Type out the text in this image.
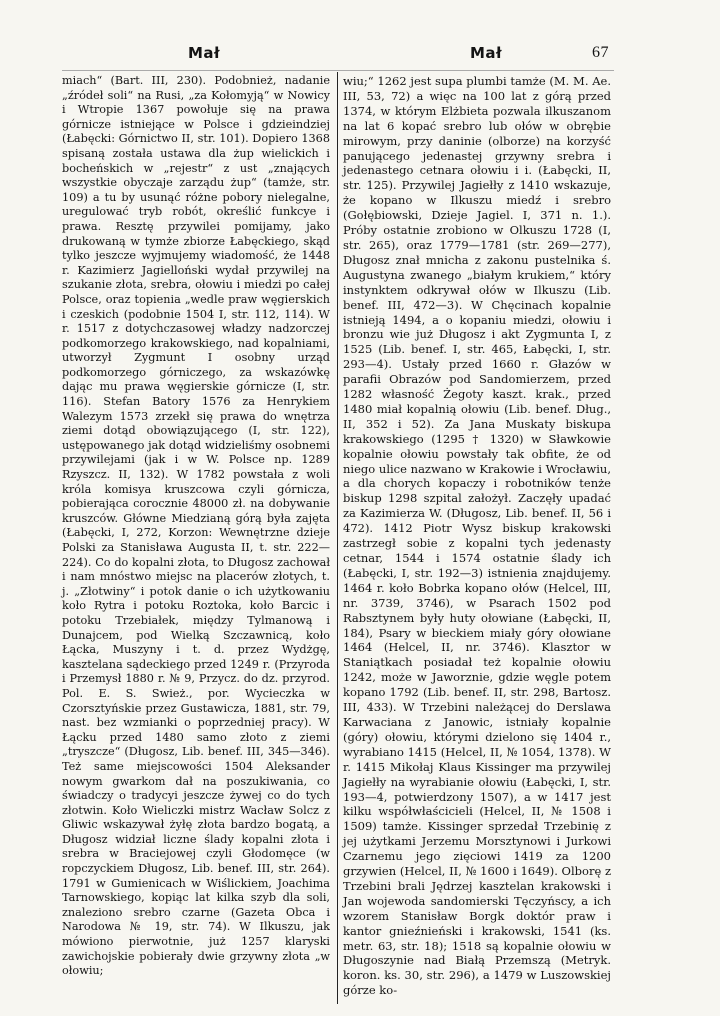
Mał	Mał	67
miach“ (Bart. III, 230). Podobnież, nadanie „źródeł soli“ na Rusi, „za Kołomyją“ w Nowicy i Wtropie 1367 powołuje się na prawa górnicze istniejące w Polsce i gdzieindziej (Łabęcki: Górnictwo II, str. 101). Dopiero 1368 spisaną została ustawa dla żup wielickich i bocheńskich w „rejestr“ z ust „znających wszystkie obyczaje zarządu żup“ (tamże, str. 109) a tu by usunąć różne pobory nielegalne, uregulować tryb robót, określić funkcye i prawa. Resztę przywilei pomijamy, jako drukowaną w tymże zbiorze Łabęckiego, skąd tylko jeszcze wyjmujemy wiadomość, że 1448 r. Kazimierz Jagielloński wydał przywilej na szukanie złota, srebra, ołowiu i miedzi po całej Polsce, oraz topienia „wedle praw węgierskich i czeskich (podobnie 1504 I, str. 112, 114). W r. 1517 z dotychczasowej władzy nadzorczej podkomorzego krakowskiego, nad kopalniami, utworzył Zygmunt I osobny urząd podkomorzego górniczego, za wskazówkę dając mu prawa węgierskie górnicze (I, str. 116). Stefan Batory 1576 za Henrykiem Walezym 1573 zrzekł się prawa do wnętrza ziemi dotąd obowiązującego (I, str. 122), ustępowanego jak dotąd widzieliśmy osobnemi przywilejami (jak i w W. Polsce np. 1289 Rzyszcz. II, 132). W 1782 powstała z woli króla komisya kruszcowa czyli górnicza, pobierająca corocznie 48000 zł. na dobywanie kruszców. Główne Miedzianą górą była zajęta (Łabęcki, I, 272, Korzon: Wewnętrzne dzieje Polski za Stanisława Augusta II, t. str. 222—224). Co do kopalni złota, to Długosz zachował i nam mnóstwo miejsc na placerów złotych, t. j. „Złotwiny“ i potok danie o ich użytkowaniu koło Rytra i potoku Roztoka, koło Barcic i potoku Trzebiałek, między Tylmanową i Dunajcem, pod Wielką Szczawnicą, koło Łącka, Muszyny i t. d. przez Wydżgę, kasztelana sądeckiego przed 1249 r. (Przyroda i Przemysł 1880 r. № 9, Przycz. do dz. przyrod. Pol. E. S. Swież., por. Wycieczka w Czorsztyńskie przez Gustawicza, 1881, str. 79, nast. bez wzmianki o poprzedniej pracy). W Łącku przed 1480 samo złoto z ziemi „tryszcze“ (Długosz, Lib. benef. III, 345—346). Też same miejscowości 1504 Aleksander nowym gwarkom dał na poszukiwania, co świadczy o tradycyi jeszcze żywej co do tych złotwin. Koło Wieliczki mistrz Wacław Solcz z Gliwic wskazywał żyłę złota bardzo bogatą, a Długosz widział liczne ślady kopalni złota i srebra w Braciejowej czyli Głodomęce (w ropczyckiem Długosz, Lib. benef. III, str. 264). 1791 w Gumienicach w Wiślickiem, Joachima Tarnowskiego, kopiąc lat kilka szyb dla soli, znaleziono srebro czarne (Gazeta Obca i Narodowa № 19, str. 74). W Ilkuszu, jak mówiono pierwotnie, już 1257 klaryski zawichojskie pobierały dwie grzywny złota „w ołowiu;
wiu;“ 1262 jest supa plumbi tamże (M. M. Ae. III, 53, 72) a więc na 100 lat z górą przed 1374, w którym Elżbieta pozwala ilkuszanom na lat 6 kopać srebro lub ołów w obrębie mirowym, przy daninie (olborze) na korzyść panującego jedenastej grzywny srebra i jedenastego cetnara ołowiu i i. (Łabęcki, II, str. 125). Przywilej Jagiełły z 1410 wskazuje, że kopano w Ilkuszu miedź i srebro (Gołębiowski, Dzieje Jagiel. I, 371 n. 1.). Próby ostatnie zrobiono w Olkuszu 1728 (I, str. 265), oraz 1779—1781 (str. 269—277), Długosz znał mnicha z zakonu pustelnika ś. Augustyna zwanego „białym krukiem,“ który instynktem odkrywał ołów w Ilkuszu (Lib. benef. III, 472—3). W Chęcinach kopalnie istnieją 1494, a o kopaniu miedzi, ołowiu i bronzu wie już Długosz i akt Zygmunta I, z 1525 (Lib. benef. I, str. 465, Łabęcki, I, str. 293—4). Ustały przed 1660 r. Głazów w parafii Obrazów pod Sandomierzem, przed 1282 własność Żegoty kaszt. krak., przed 1480 miał kopalnią ołowiu (Lib. benef. Dług., II, 352 i 52). Za Jana Muskaty biskupa krakowskiego (1295 † 1320) w Sławkowie kopalnie ołowiu powstały tak obfite, że od niego ulice nazwano w Krakowie i Wrocławiu, a dla chorych kopaczy i robotników tenże biskup 1298 szpital założył. Zaczęły upadać za Kazimierza W. (Długosz, Lib. benef. II, 56 i 472). 1412 Piotr Wysz biskup krakowski zastrzegł sobie z kopalni tych jedenasty cetnar, 1544 i 1574 ostatnie ślady ich (Łabęcki, I, str. 192—3) istnienia znajdujemy. 1464 r. koło Bobrka kopano ołów (Helcel, III, nr. 3739, 3746), w Psarach 1502 pod Rabsztynem były huty ołowiane (Łabęcki, II, 184), Psary w bieckiem miały góry ołowiane 1464 (Helcel, II, nr. 3746). Klasztor w Staniątkach posiadał też kopalnie ołowiu 1242, może w Jaworznie, gdzie węgle potem kopano 1792 (Lib. benef. II, str. 298, Bartosz. III, 433). W Trzebini należącej do Derslawa Karwaciana z Janowic, istniały kopalnie (góry) ołowiu, którymi dzielono się 1404 r., wyrabiano 1415 (Helcel, II, № 1054, 1378). W r. 1415 Mikołaj Klaus Kissinger ma przywilej Jagiełły na wyrabianie ołowiu (Łabęcki, I, str. 193—4, potwierdzony 1507), a w 1417 jest kilku współwłaścicieli (Helcel, II, № 1508 i 1509) tamże. Kissinger sprzedał Trzebinię z jej użytkami Jerzemu Morsztynowi i Jurkowi Czarnemu jego zięciowi 1419 za 1200 grzywien (Helcel, II, № 1600 i 1649). Olborę z Trzebini brali Jędrzej kasztelan krakowski i Jan wojewoda sandomierski Tęczyńscy, a ich wzorem Stanisław Borgk doktór praw i kantor gnieźnieński i krakowski, 1541 (ks. metr. 63, str. 18); 1518 są kopalnie ołowiu w Długoszynie nad Białą Przemszą (Metryk. koron. ks. 30, str. 296), a 1479 w Luszowskiej górze ko-
